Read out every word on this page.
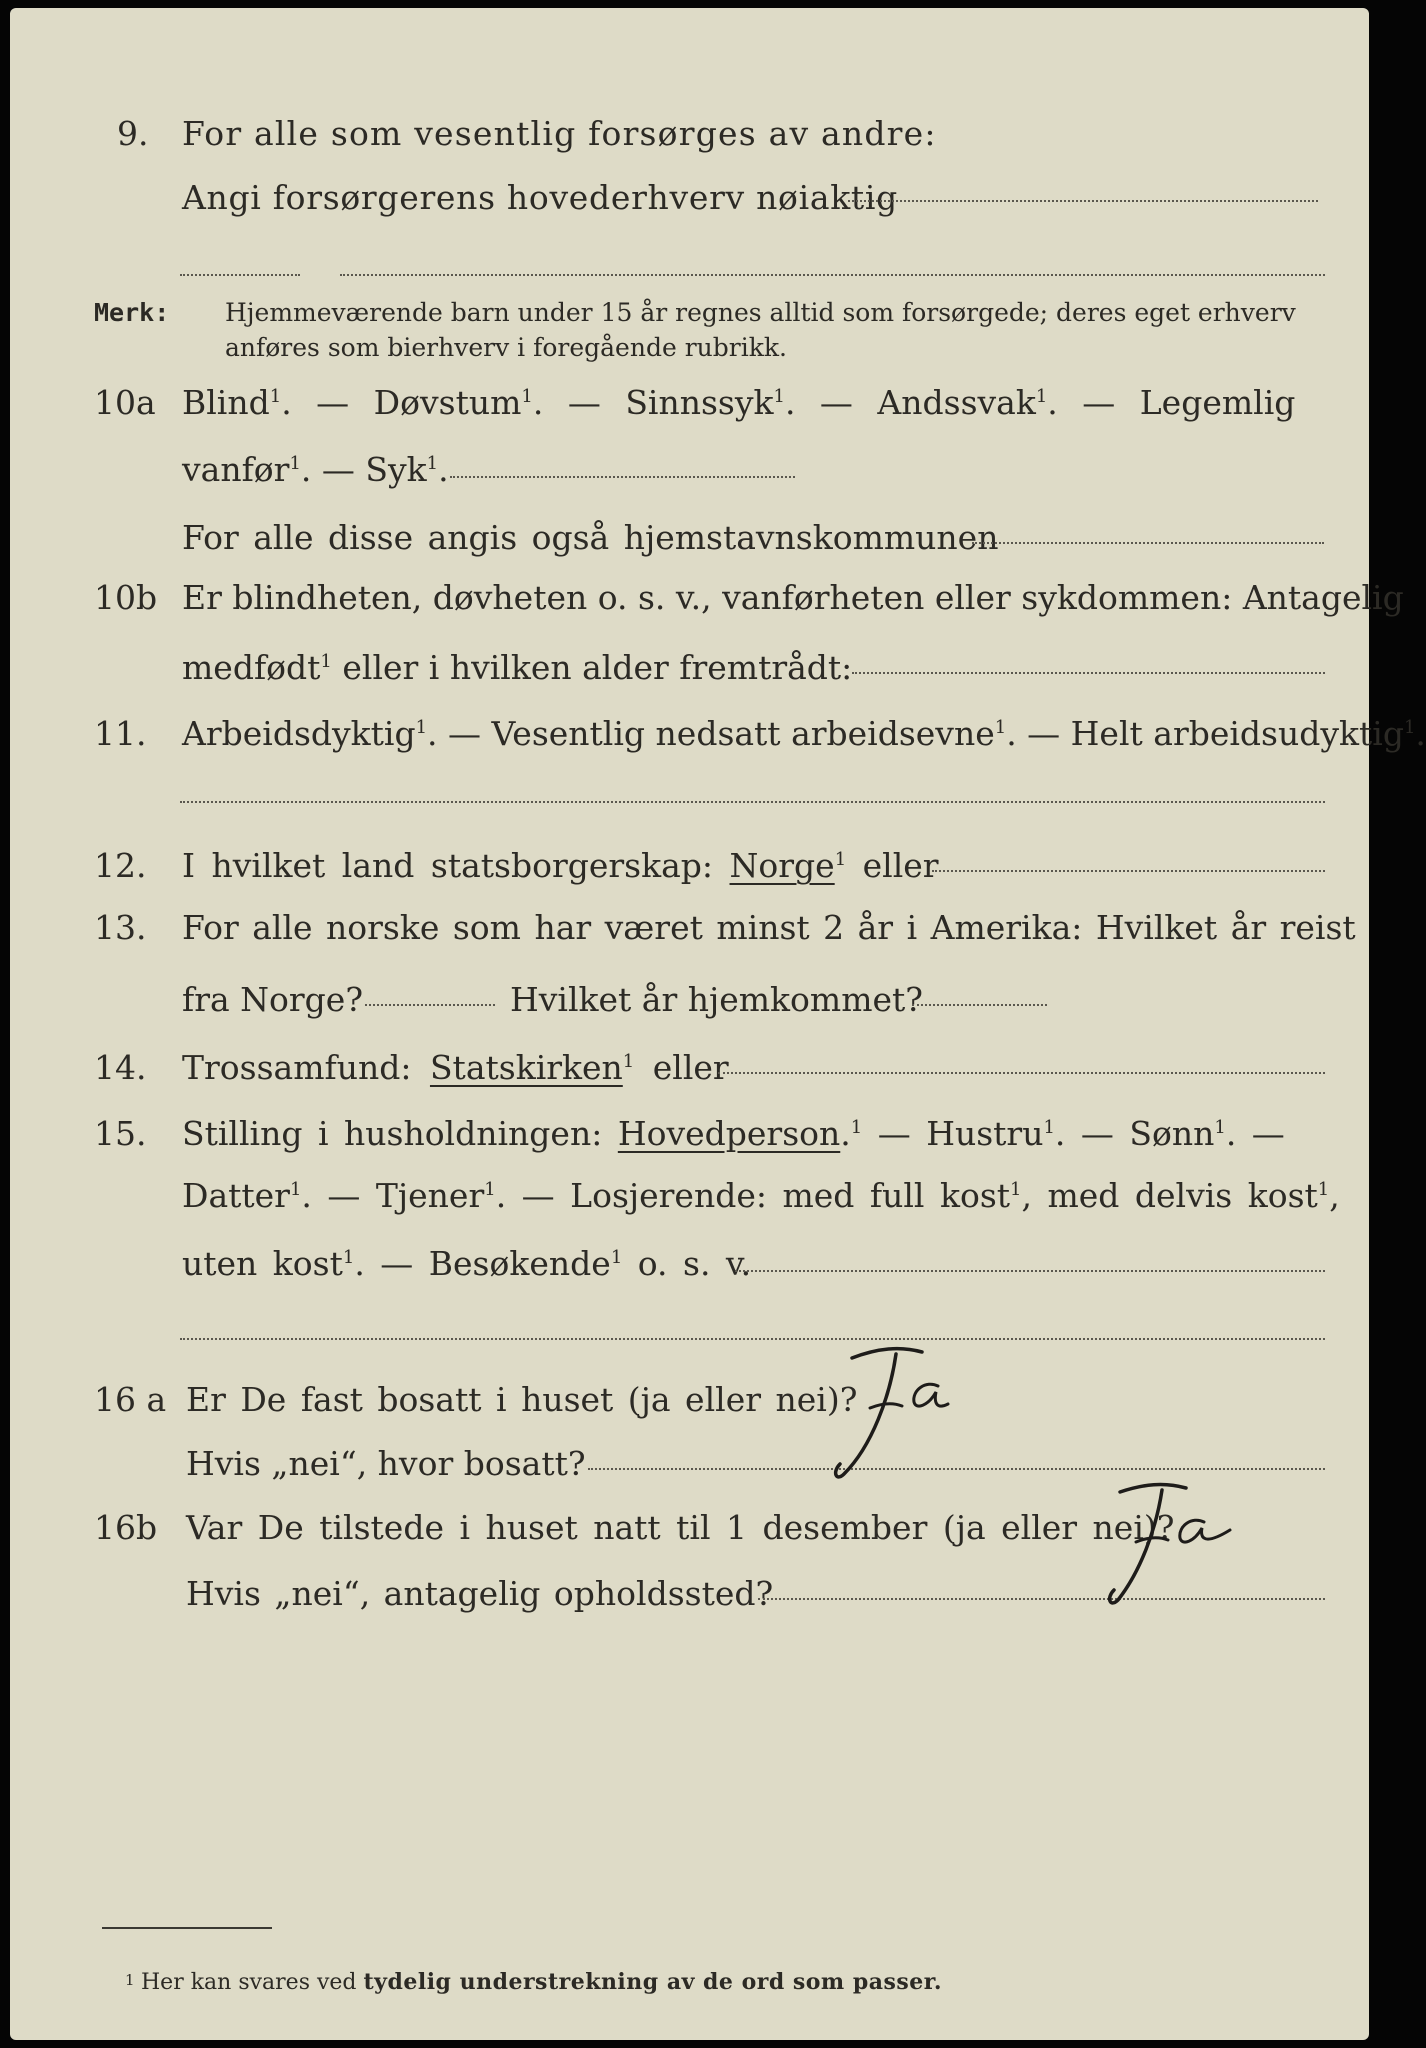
9. For alle som vesentlig forsørges av andre:
Angi forsørgerens hovederhverv nøiaktig
Merk: Hjemmeværende barn under 15 år regnes alltid som forsørgede; deres eget erhverv
anføres som bierhverv i foregående rubrikk.
10a Blind$^1$. — Døvstum$^1$. — Sinnssyk$^1$. — Andssvak$^1$. — Legemlig
vanfør$^1$. — Syk$^1$.
For alle disse angis også hjemstavnskommunen
10b Er blindheten, døvheten o. s. v., vanførheten eller sykdommen: Antagelig
medfødt$^1$ eller i hvilken alder fremtrådt:
11. Arbeidsdyktig$^1$. — Vesentlig nedsatt arbeidsevne$^1$. — Helt arbeidsudyktig$^1$.
12. I hvilket land statsborgerskap: Norge$^1$ eller
13. For alle norske som har været minst 2 år i Amerika: Hvilket år reist
fra Norge?	Hvilket år hjemkommet?
14. Trossamfund: Statskirken$^1$ eller
15. Stilling i husholdningen: Hovedperson.$^1$ — Hustru$^1$. — Sønn$^1$. —
Datter$^1$. — Tjener$^1$. — Losjerende: med full kost$^1$, med delvis kost$^1$,
uten kost$^1$. — Besøkende$^1$ o. s. v.
16 a Er De fast bosatt i huset (ja eller nei)?
Hvis „nei“, hvor bosatt?
16b Var De tilstede i huset natt til 1 desember (ja eller nei)?
Hvis „nei“, antagelig opholdssted?
1 Her kan svares ved tydelig understrekning av de ord som passer.
